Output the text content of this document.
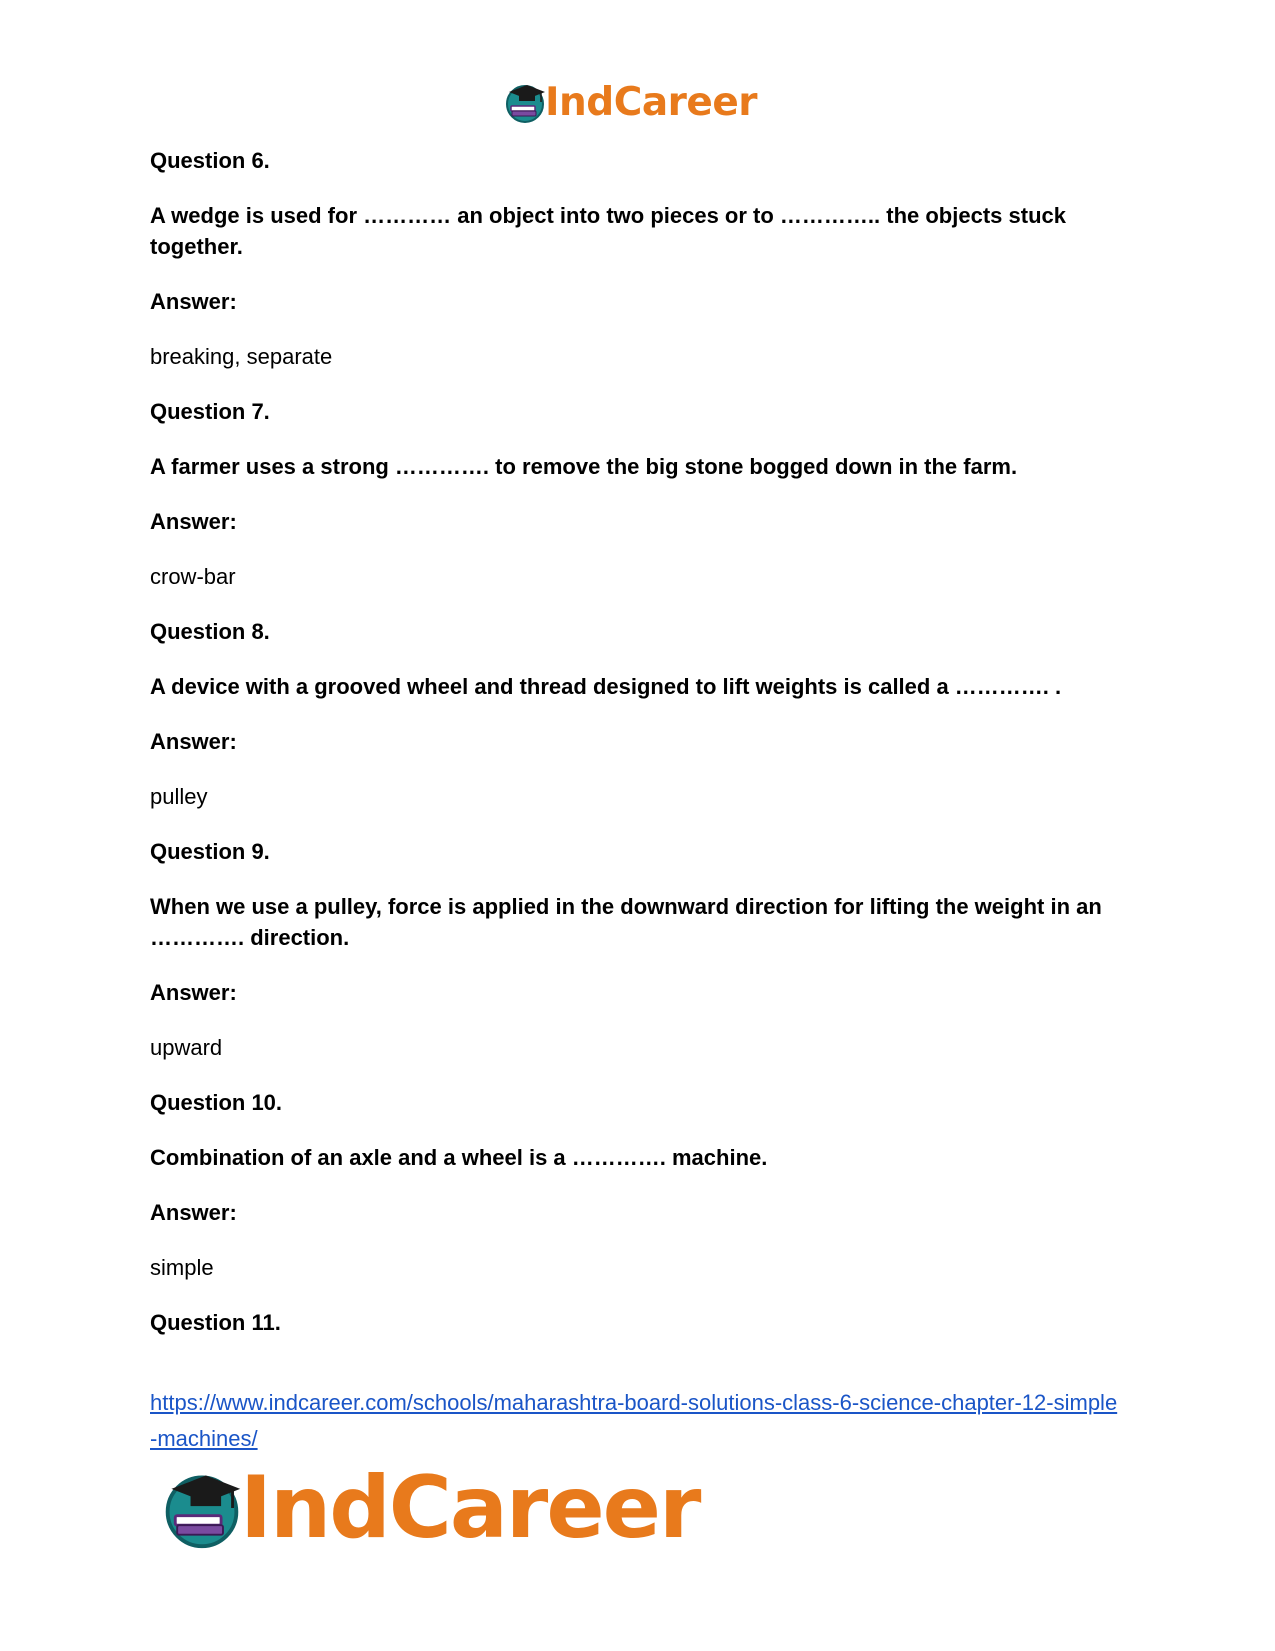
IndCareer

Question 6.

A wedge is used for ………… an object into two pieces or to ………….. the objects stuck together.

Answer:

breaking, separate

Question 7.

A farmer uses a strong …………. to remove the big stone bogged down in the farm.

Answer:

crow-bar

Question 8.

A device with a grooved wheel and thread designed to lift weights is called a …………. .

Answer:

pulley

Question 9.

When we use a pulley, force is applied in the downward direction for lifting the weight in an …………. direction.

Answer:

upward

Question 10.

Combination of an axle and a wheel is a …………. machine.

Answer:

simple

Question 11.

https://www.indcareer.com/schools/maharashtra-board-solutions-class-6-science-chapter-12-simple-machines/
IndCareer
